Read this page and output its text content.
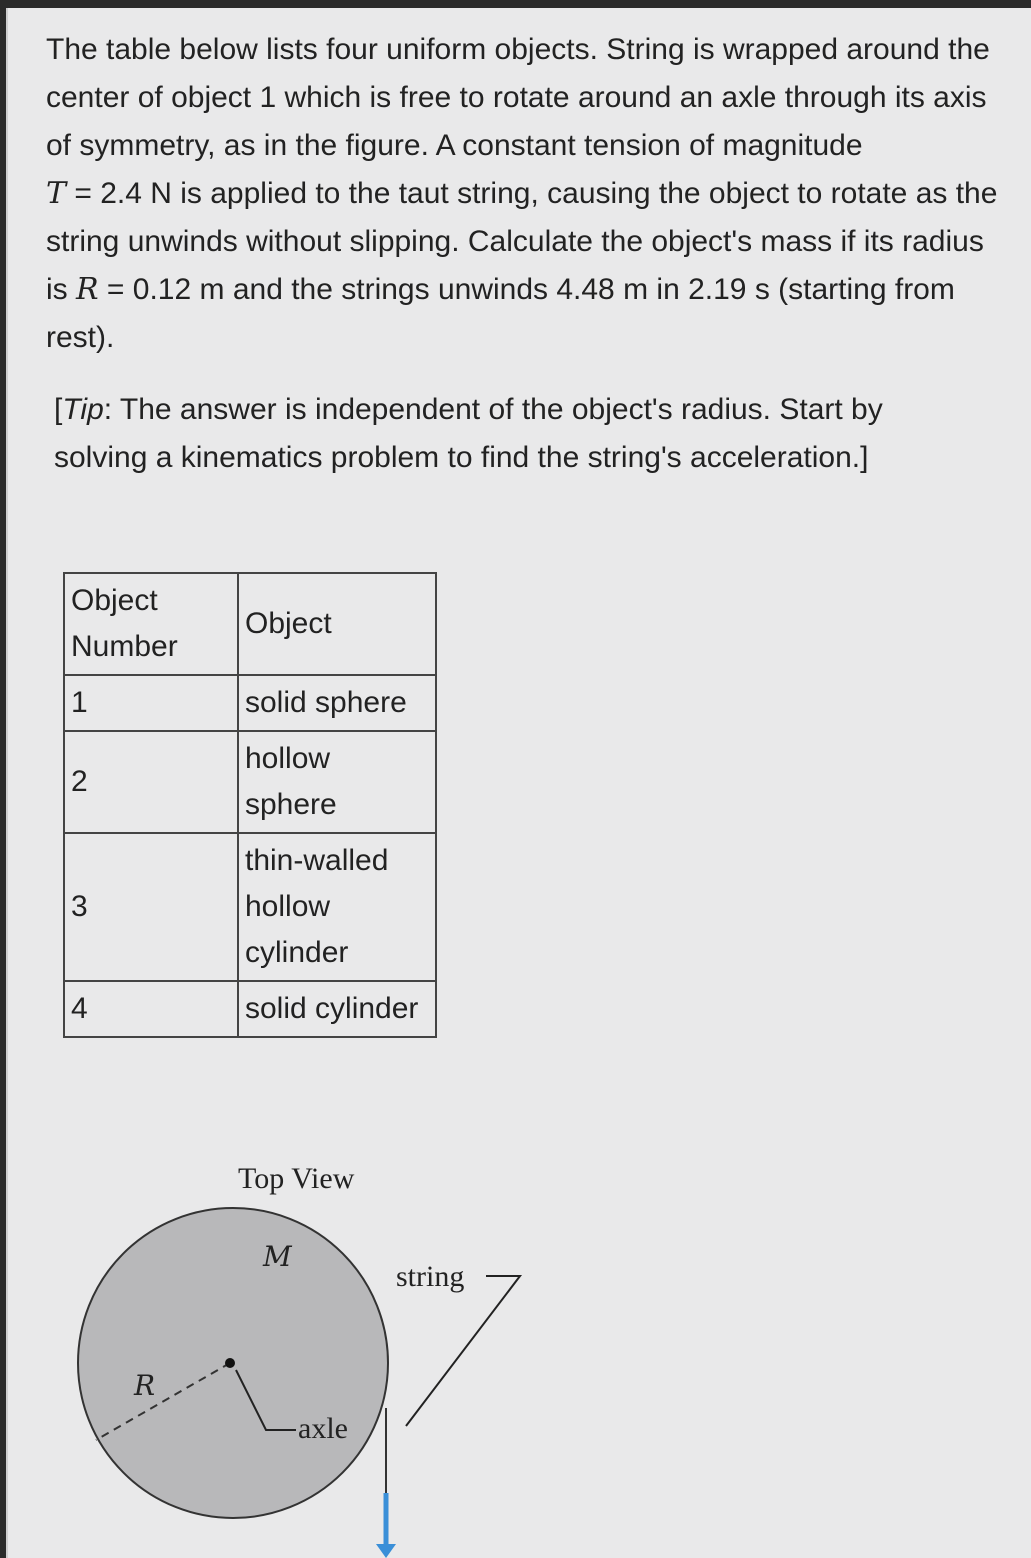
The table below lists four uniform objects. String is wrapped around the center of object 1 which is free to rotate around an axle through its axis of symmetry, as in the figure. A constant tension of magnitude
T = 2.4 N is applied to the taut string, causing the object to rotate as the string unwinds without slipping. Calculate the object's mass if its radius is R = 0.12 m and the strings unwinds 4.48 m in 2.19 s (starting from rest).

[Tip: The answer is independent of the object's radius. Start by solving a kinematics problem to find the string's acceleration.]

Object Number	Object
1	solid sphere
2	hollow sphere
3	thin-walled hollow cylinder
4	solid cylinder
Top View
M
R
axle
string
